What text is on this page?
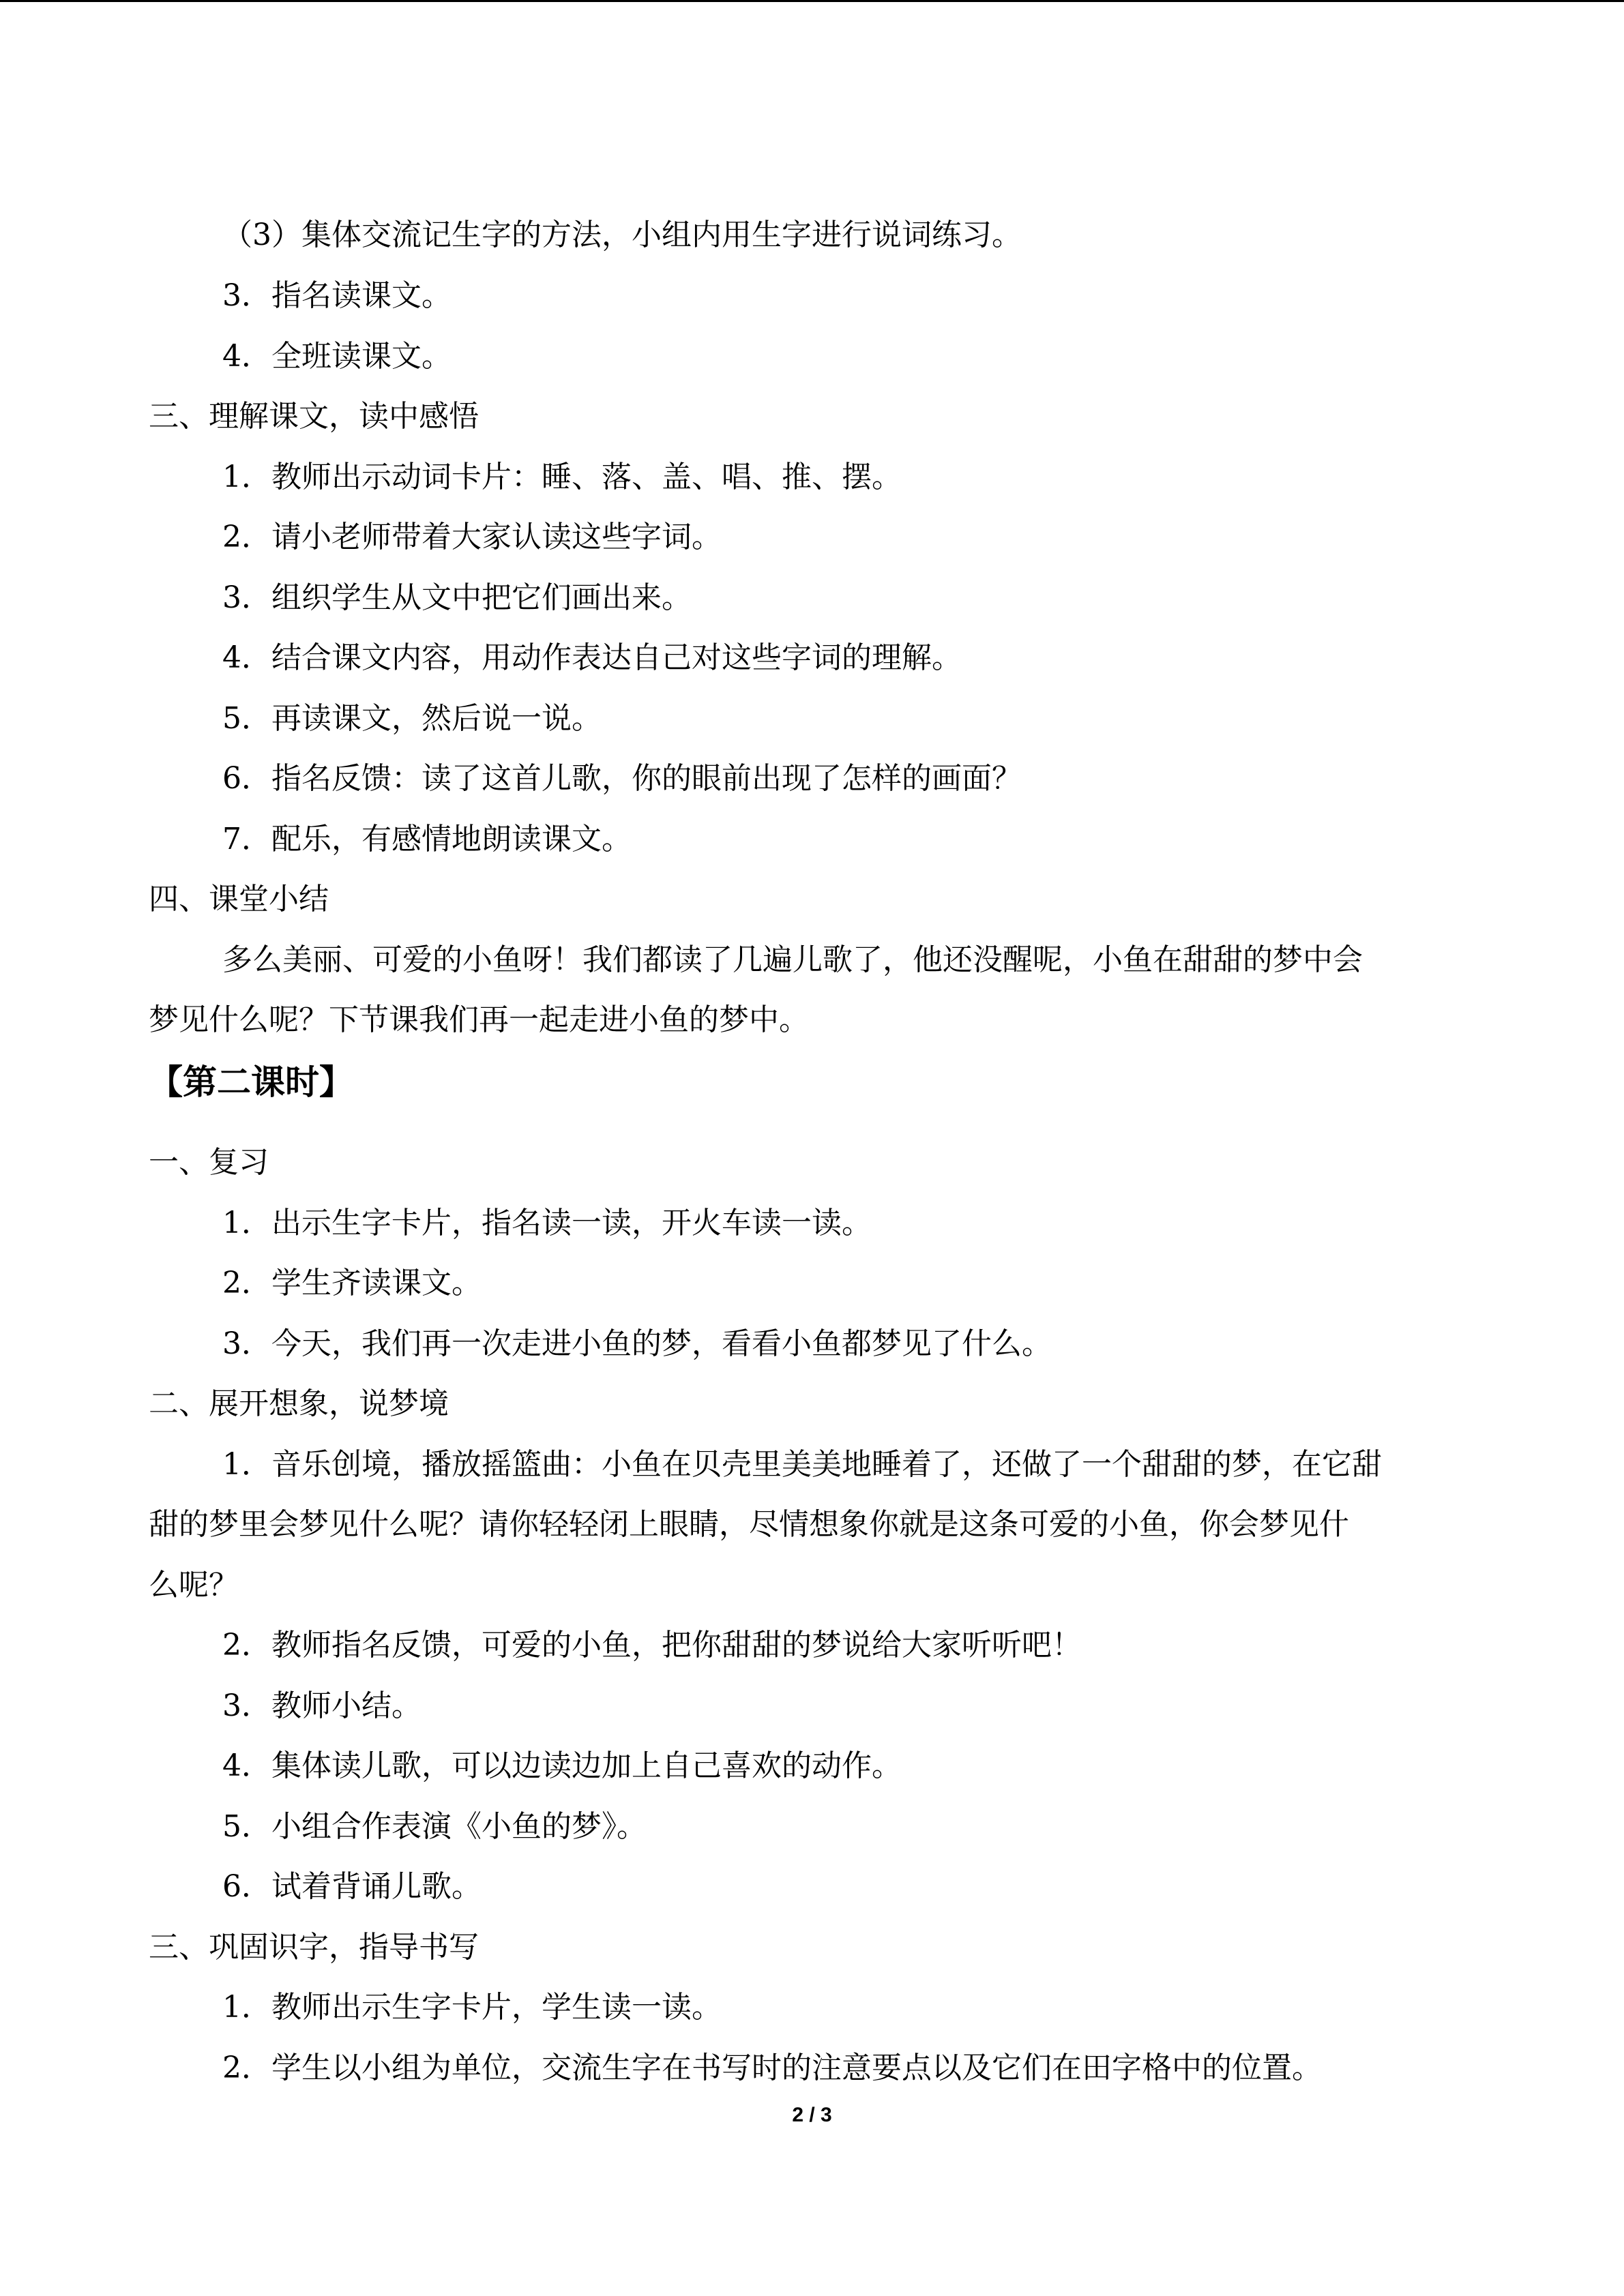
（3）集体交流记生字的方法，小组内用生字进行说词练习。
3．指名读课文。
4．全班读课文。
三、理解课文，读中感悟
1．教师出示动词卡片：睡、落、盖、唱、推、摆。
2．请小老师带着大家认读这些字词。
3．组织学生从文中把它们画出来。
4．结合课文内容，用动作表达自己对这些字词的理解。
5．再读课文，然后说一说。
6．指名反馈：读了这首儿歌，你的眼前出现了怎样的画面？
7．配乐，有感情地朗读课文。
四、课堂小结
多么美丽、可爱的小鱼呀！我们都读了几遍儿歌了，他还没醒呢，小鱼在甜甜的梦中会
梦见什么呢？下节课我们再一起走进小鱼的梦中。
【第二课时】
一、复习
1．出示生字卡片，指名读一读，开火车读一读。
2．学生齐读课文。
3．今天，我们再一次走进小鱼的梦，看看小鱼都梦见了什么。
二、展开想象，说梦境
1．音乐创境，播放摇篮曲：小鱼在贝壳里美美地睡着了，还做了一个甜甜的梦，在它甜
甜的梦里会梦见什么呢？请你轻轻闭上眼睛，尽情想象你就是这条可爱的小鱼，你会梦见什
么呢？
2．教师指名反馈，可爱的小鱼，把你甜甜的梦说给大家听听吧！
3．教师小结。
4．集体读儿歌，可以边读边加上自己喜欢的动作。
5．小组合作表演《小鱼的梦》。
6．试着背诵儿歌。
三、巩固识字，指导书写
1．教师出示生字卡片，学生读一读。
2．学生以小组为单位，交流生字在书写时的注意要点以及它们在田字格中的位置。
2 / 3
